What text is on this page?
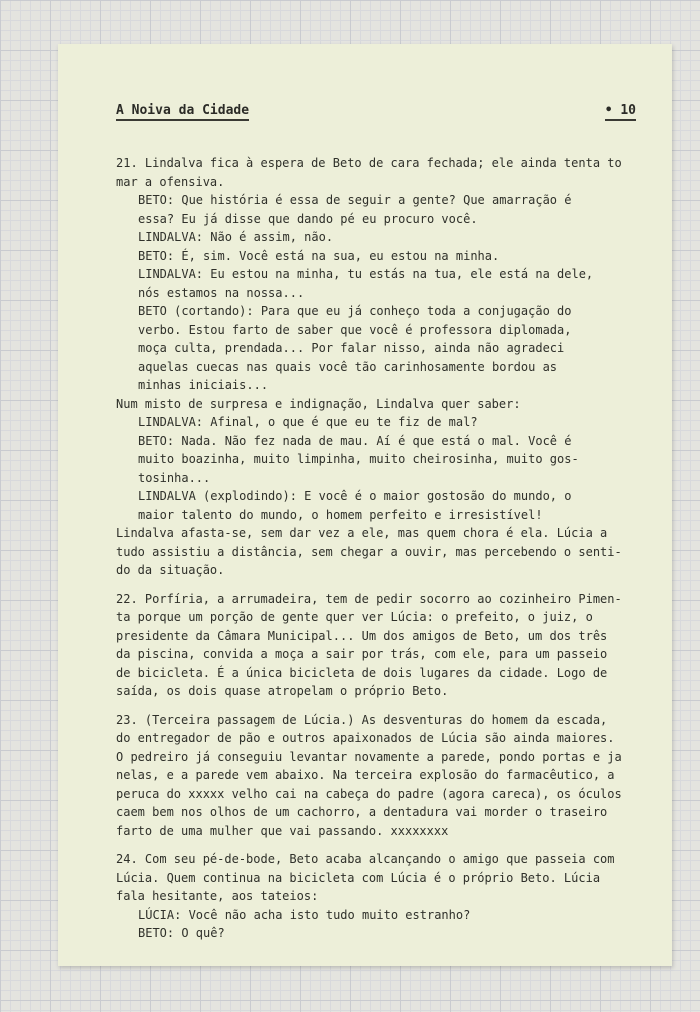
A Noiva da Cidade	• 10
21. Lindalva fica à espera de Beto de cara fechada; ele ainda tenta to
mar a ofensiva.
BETO: Que história é essa de seguir a gente? Que amarração é
essa? Eu já disse que dando pé eu procuro você.
LINDALVA: Não é assim, não.
BETO: É, sim. Você está na sua, eu estou na minha.
LINDALVA: Eu estou na minha, tu estás na tua, ele está na dele,
nós estamos na nossa...
BETO (cortando): Para que eu já conheço toda a conjugação do
verbo. Estou farto de saber que você é professora diplomada,
moça culta, prendada... Por falar nisso, ainda não agradeci
aquelas cuecas nas quais você tão carinhosamente bordou as
minhas iniciais...
Num misto de surpresa e indignação, Lindalva quer saber:
LINDALVA: Afinal, o que é que eu te fiz de mal?
BETO: Nada. Não fez nada de mau. Aí é que está o mal. Você é
muito boazinha, muito limpinha, muito cheirosinha, muito gos-
tosinha...
LINDALVA (explodindo): E você é o maior gostosão do mundo, o
maior talento do mundo, o homem perfeito e irresistível!
Lindalva afasta-se, sem dar vez a ele, mas quem chora é ela. Lúcia a
tudo assistiu a distância, sem chegar a ouvir, mas percebendo o senti-
do da situação.
22. Porfíria, a arrumadeira, tem de pedir socorro ao cozinheiro Pimen-
ta porque um porção de gente quer ver Lúcia: o prefeito, o juiz, o
presidente da Câmara Municipal... Um dos amigos de Beto, um dos três
da piscina, convida a moça a sair por trás, com ele, para um passeio
de bicicleta. É a única bicicleta de dois lugares da cidade. Logo de
saída, os dois quase atropelam o próprio Beto.
23. (Terceira passagem de Lúcia.) As desventuras do homem da escada,
do entregador de pão e outros apaixonados de Lúcia são ainda maiores.
O pedreiro já conseguiu levantar novamente a parede, pondo portas e ja
nelas, e a parede vem abaixo. Na terceira explosão do farmacêutico, a
peruca do xxxxx velho cai na cabeça do padre (agora careca), os óculos
caem bem nos olhos de um cachorro, a dentadura vai morder o traseiro
farto de uma mulher que vai passando. xxxxxxxx
24. Com seu pé-de-bode, Beto acaba alcançando o amigo que passeia com
Lúcia. Quem continua na bicicleta com Lúcia é o próprio Beto. Lúcia
fala hesitante, aos tateios:
LÚCIA: Você não acha isto tudo muito estranho?
BETO: O quê?
